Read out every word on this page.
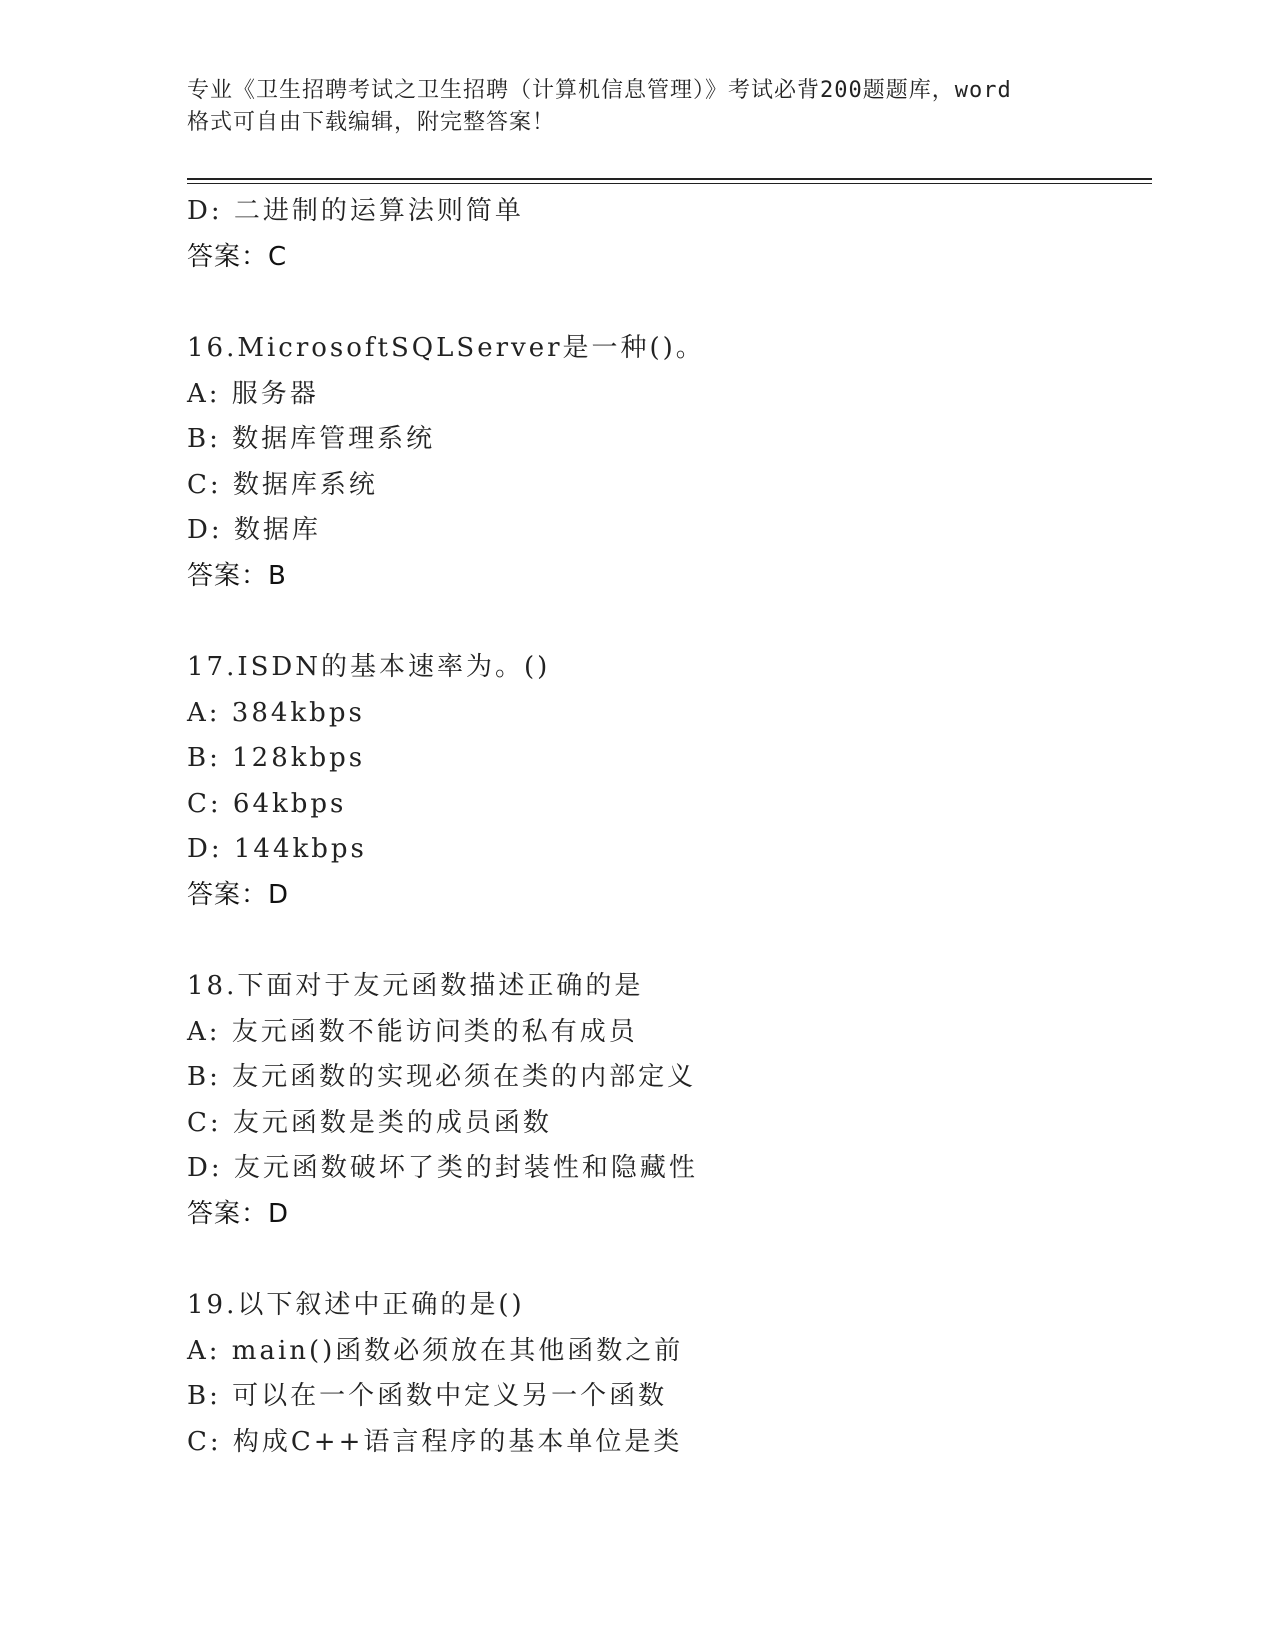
专业《卫生招聘考试之卫生招聘（计算机信息管理）》考试必背200题题库，word
格式可自由下载编辑，附完整答案！
D: 二进制的运算法则简单
答案：C
16.MicrosoftSQLServer是一种()。
A: 服务器
B: 数据库管理系统
C: 数据库系统
D: 数据库
答案：B
17.ISDN的基本速率为。()
A: 384kbps
B: 128kbps
C: 64kbps
D: 144kbps
答案：D
18.下面对于友元函数描述正确的是
A: 友元函数不能访问类的私有成员
B: 友元函数的实现必须在类的内部定义
C: 友元函数是类的成员函数
D: 友元函数破坏了类的封装性和隐藏性
答案：D
19.以下叙述中正确的是()
A: main()函数必须放在其他函数之前
B: 可以在一个函数中定义另一个函数
C: 构成C++语言程序的基本单位是类
